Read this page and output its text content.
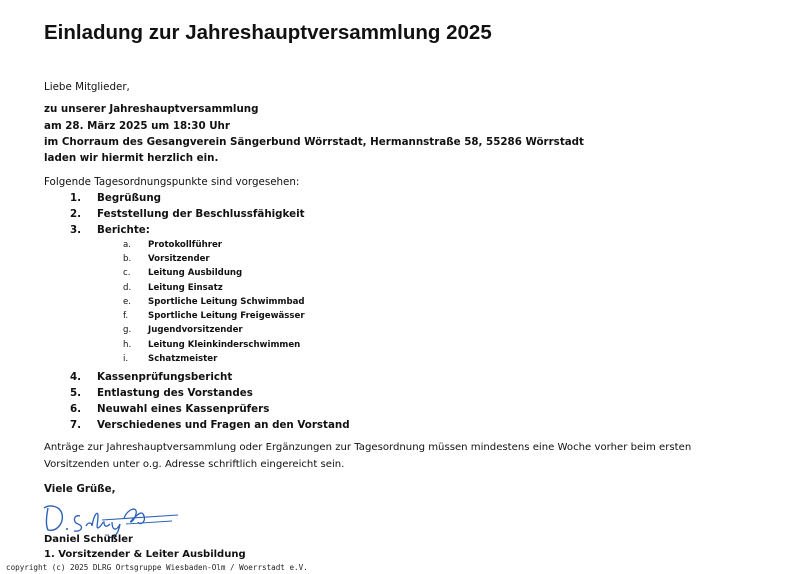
Einladung zur Jahreshauptversammlung 2025
Liebe Mitglieder,
zu unserer Jahreshauptversammlung
am 28. März 2025 um 18:30 Uhr
im Chorraum des Gesangverein Sängerbund Wörrstadt, Hermannstraße 58, 55286 Wörrstadt
laden wir hiermit herzlich ein.
Folgende Tagesordnungspunkte sind vorgesehen:
1. Begrüßung
2. Feststellung der Beschlussfähigkeit
3. Berichte:
a. Protokollführer
b. Vorsitzender
c. Leitung Ausbildung
d. Leitung Einsatz
e. Sportliche Leitung Schwimmbad
f. Sportliche Leitung Freigewässer
g. Jugendvorsitzender
h. Leitung Kleinkinderschwimmen
i. Schatzmeister
4. Kassenprüfungsbericht
5. Entlastung des Vorstandes
6. Neuwahl eines Kassenprüfers
7. Verschiedenes und Fragen an den Vorstand
Anträge zur Jahreshauptversammlung oder Ergänzungen zur Tagesordnung müssen mindestens eine Woche vorher beim ersten
Vorsitzenden unter o.g. Adresse schriftlich eingereicht sein.
Viele Grüße,
Daniel Schüßler
1. Vorsitzender & Leiter Ausbildung
copyright (c) 2025 DLRG Ortsgruppe Wiesbaden-Olm / Woerrstadt e.V.
